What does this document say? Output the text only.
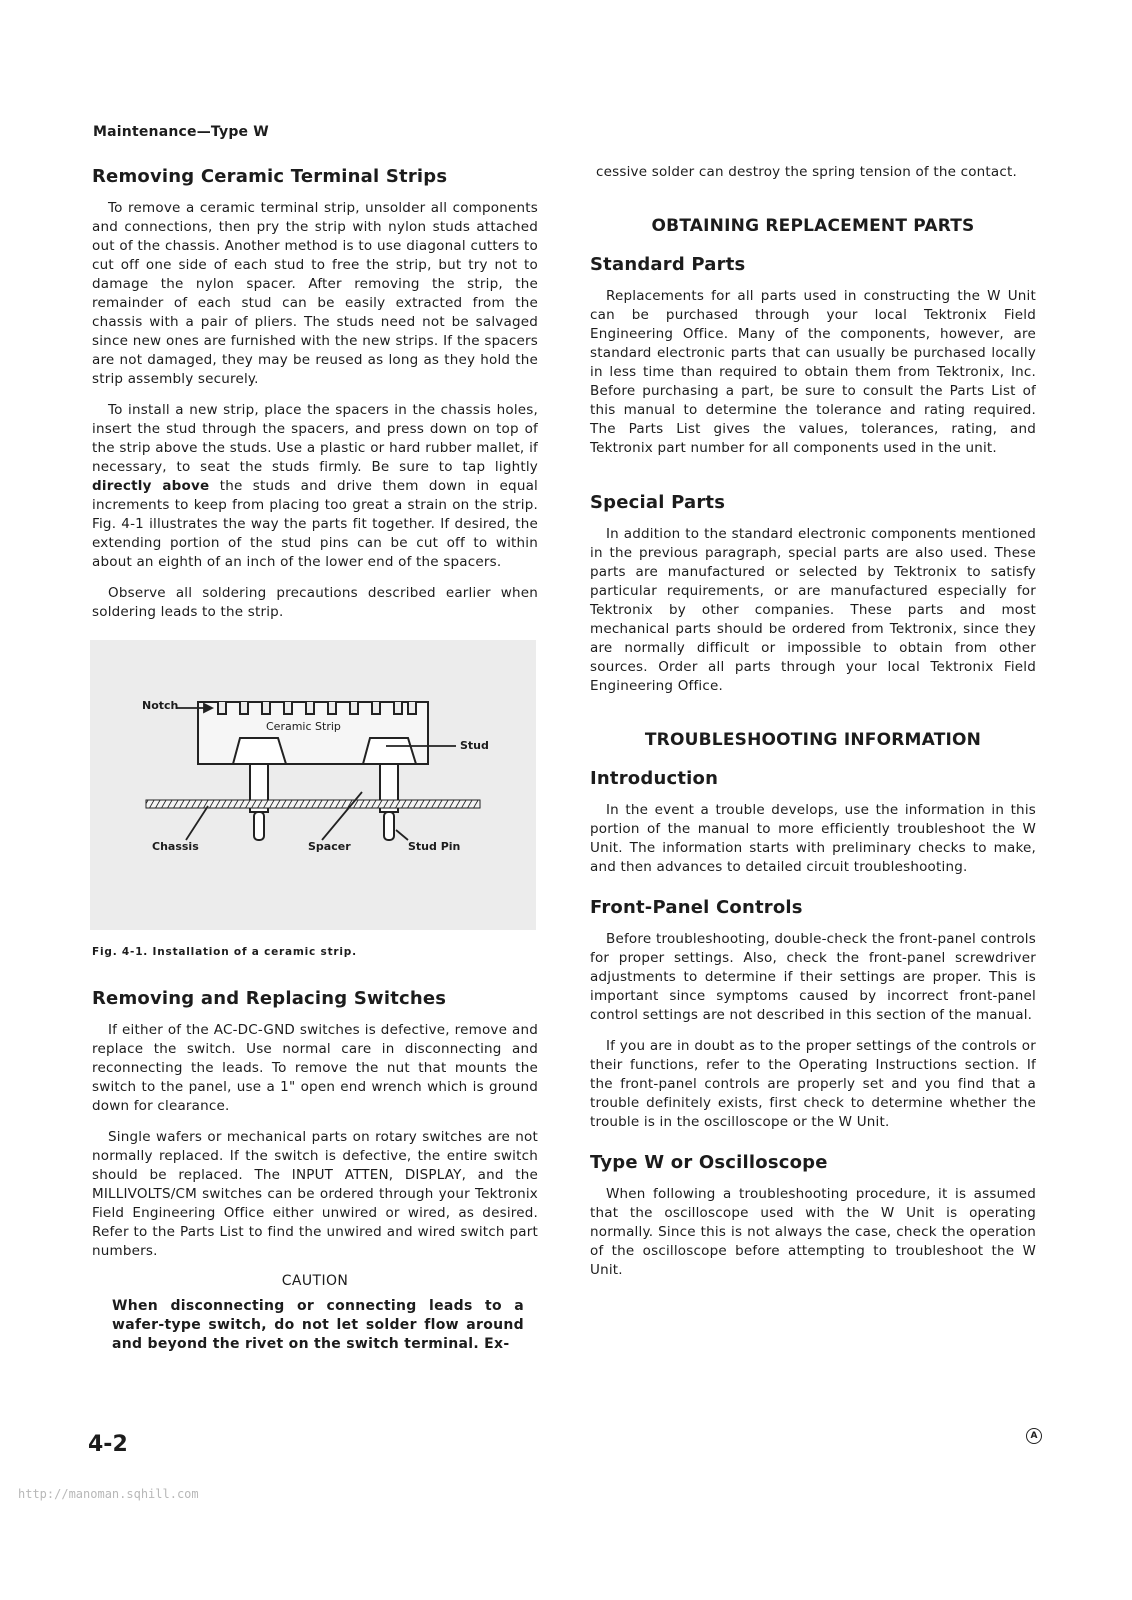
Maintenance—Type W
Removing Ceramic Terminal Strips

To remove a ceramic terminal strip, unsolder all components and connections, then pry the strip with nylon studs attached out of the chassis. Another method is to use diagonal cutters to cut off one side of each stud to free the strip, but try not to damage the nylon spacer. After removing the strip, the remainder of each stud can be easily extracted from the chassis with a pair of pliers. The studs need not be salvaged since new ones are furnished with the new strips. If the spacers are not damaged, they may be reused as long as they hold the strip assembly securely.

To install a new strip, place the spacers in the chassis holes, insert the stud through the spacers, and press down on top of the strip above the studs. Use a plastic or hard rubber mallet, if necessary, to seat the studs firmly. Be sure to tap lightly directly above the studs and drive them down in equal increments to keep from placing too great a strain on the strip. Fig. 4-1 illustrates the way the parts fit together. If desired, the extending portion of the stud pins can be cut off to within about an eighth of an inch of the lower end of the spacers.

Observe all soldering precautions described earlier when soldering leads to the strip.

Notch
Ceramic Strip
Stud
Chassis	Spacer	Stud Pin
Fig. 4-1. Installation of a ceramic strip.
Removing and Replacing Switches

If either of the AC-DC-GND switches is defective, remove and replace the switch. Use normal care in disconnecting and reconnecting the leads. To remove the nut that mounts the switch to the panel, use a 1" open end wrench which is ground down for clearance.

Single wafers or mechanical parts on rotary switches are not normally replaced. If the switch is defective, the entire switch should be replaced. The INPUT ATTEN, DISPLAY, and the MILLIVOLTS/CM switches can be ordered through your Tektronix Field Engineering Office either unwired or wired, as desired. Refer to the Parts List to find the unwired and wired switch part numbers.

CAUTION
When disconnecting or connecting leads to a wafer-type switch, do not let solder flow around and beyond the rivet on the switch terminal. Ex-

cessive solder can destroy the spring tension of the contact.

OBTAINING REPLACEMENT PARTS
Standard Parts

Replacements for all parts used in constructing the W Unit can be purchased through your local Tektronix Field Engineering Office. Many of the components, however, are standard electronic parts that can usually be purchased locally in less time than required to obtain them from Tektronix, Inc. Before purchasing a part, be sure to consult the Parts List of this manual to determine the tolerance and rating required. The Parts List gives the values, tolerances, rating, and Tektronix part number for all components used in the unit.

Special Parts

In addition to the standard electronic components mentioned in the previous paragraph, special parts are also used. These parts are manufactured or selected by Tektronix to satisfy particular requirements, or are manufactured especially for Tektronix by other companies. These parts and most mechanical parts should be ordered from Tektronix, since they are normally difficult or impossible to obtain from other sources. Order all parts through your local Tektronix Field Engineering Office.

TROUBLESHOOTING INFORMATION
Introduction

In the event a trouble develops, use the information in this portion of the manual to more efficiently troubleshoot the W Unit. The information starts with preliminary checks to make, and then advances to detailed circuit troubleshooting.

Front-Panel Controls

Before troubleshooting, double-check the front-panel controls for proper settings. Also, check the front-panel screwdriver adjustments to determine if their settings are proper. This is important since symptoms caused by incorrect front-panel control settings are not described in this section of the manual.

If you are in doubt as to the proper settings of the controls or their functions, refer to the Operating Instructions section. If the front-panel controls are properly set and you find that a trouble definitely exists, first check to determine whether the trouble is in the oscilloscope or the W Unit.

Type W or Oscilloscope

When following a troubleshooting procedure, it is assumed that the oscilloscope used with the W Unit is operating normally. Since this is not always the case, check the operation of the oscilloscope before attempting to troubleshoot the W Unit.

4-2	A
http://manoman.sqhill.com
